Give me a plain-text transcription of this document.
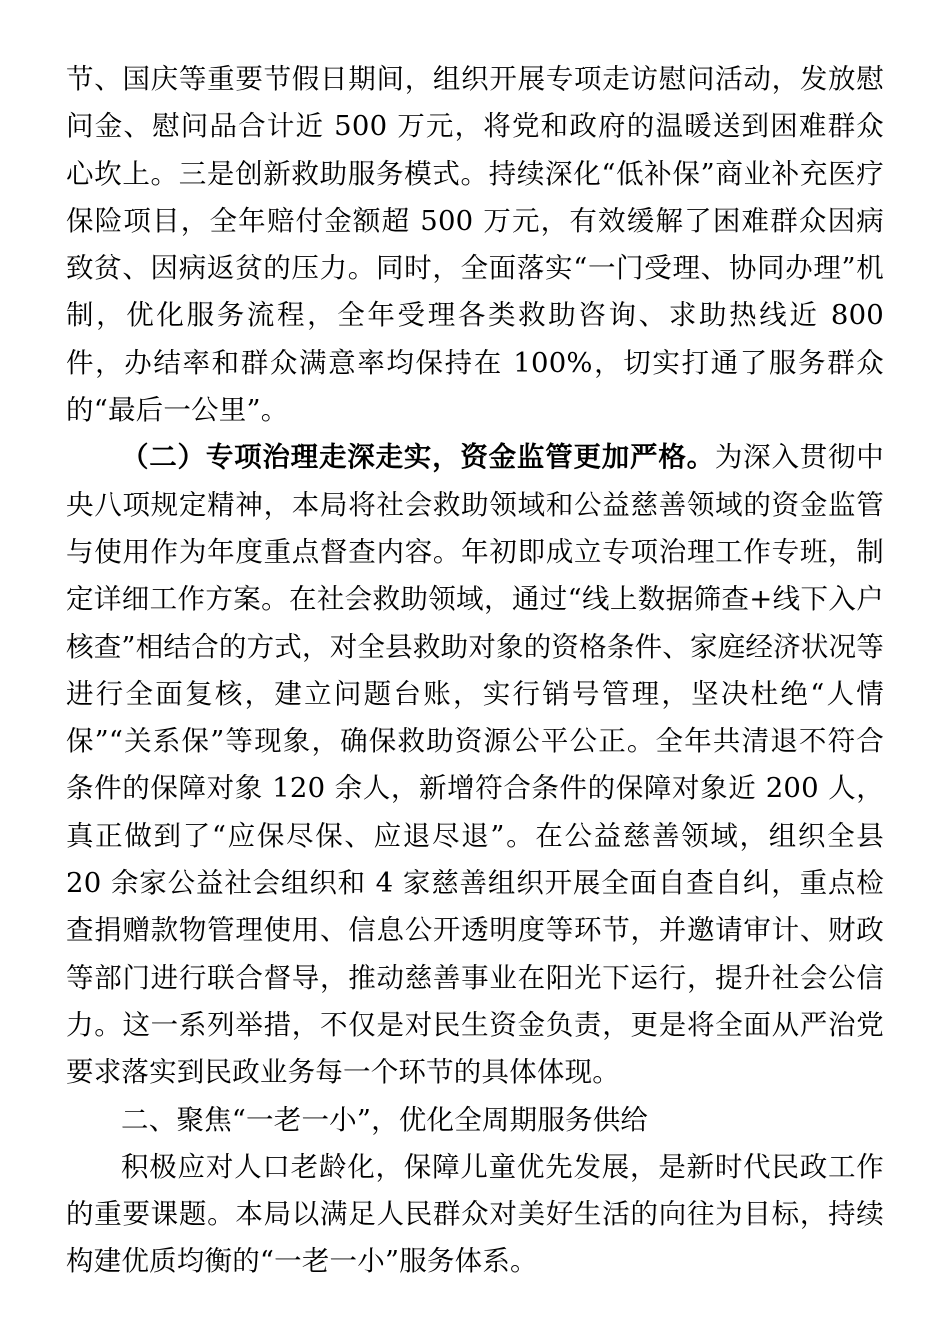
节、国庆等重要节假日期间，组织开展专项走访慰问活动，发放慰问金、慰问品合计近 500 万元，将党和政府的温暖送到困难群众心坎上。三是创新救助服务模式。持续深化“低补保”商业补充医疗保险项目，全年赔付金额超 500 万元，有效缓解了困难群众因病致贫、因病返贫的压力。同时，全面落实“一门受理、协同办理”机制，优化服务流程，全年受理各类救助咨询、求助热线近 800 件，办结率和群众满意率均保持在 100%，切实打通了服务群众的“最后一公里”。

（二）专项治理走深走实，资金监管更加严格。为深入贯彻中央八项规定精神，本局将社会救助领域和公益慈善领域的资金监管与使用作为年度重点督查内容。年初即成立专项治理工作专班，制定详细工作方案。在社会救助领域，通过“线上数据筛查+线下入户核查”相结合的方式，对全县救助对象的资格条件、家庭经济状况等进行全面复核，建立问题台账，实行销号管理，坚决杜绝“人情保”“关系保”等现象，确保救助资源公平公正。全年共清退不符合条件的保障对象 120 余人，新增符合条件的保障对象近 200 人，真正做到了“应保尽保、应退尽退”。在公益慈善领域，组织全县 20 余家公益社会组织和 4 家慈善组织开展全面自查自纠，重点检查捐赠款物管理使用、信息公开透明度等环节，并邀请审计、财政等部门进行联合督导，推动慈善事业在阳光下运行，提升社会公信力。这一系列举措，不仅是对民生资金负责，更是将全面从严治党要求落实到民政业务每一个环节的具体体现。

二、聚焦“一老一小”，优化全周期服务供给

积极应对人口老龄化，保障儿童优先发展，是新时代民政工作的重要课题。本局以满足人民群众对美好生活的向往为目标，持续构建优质均衡的“一老一小”服务体系。
